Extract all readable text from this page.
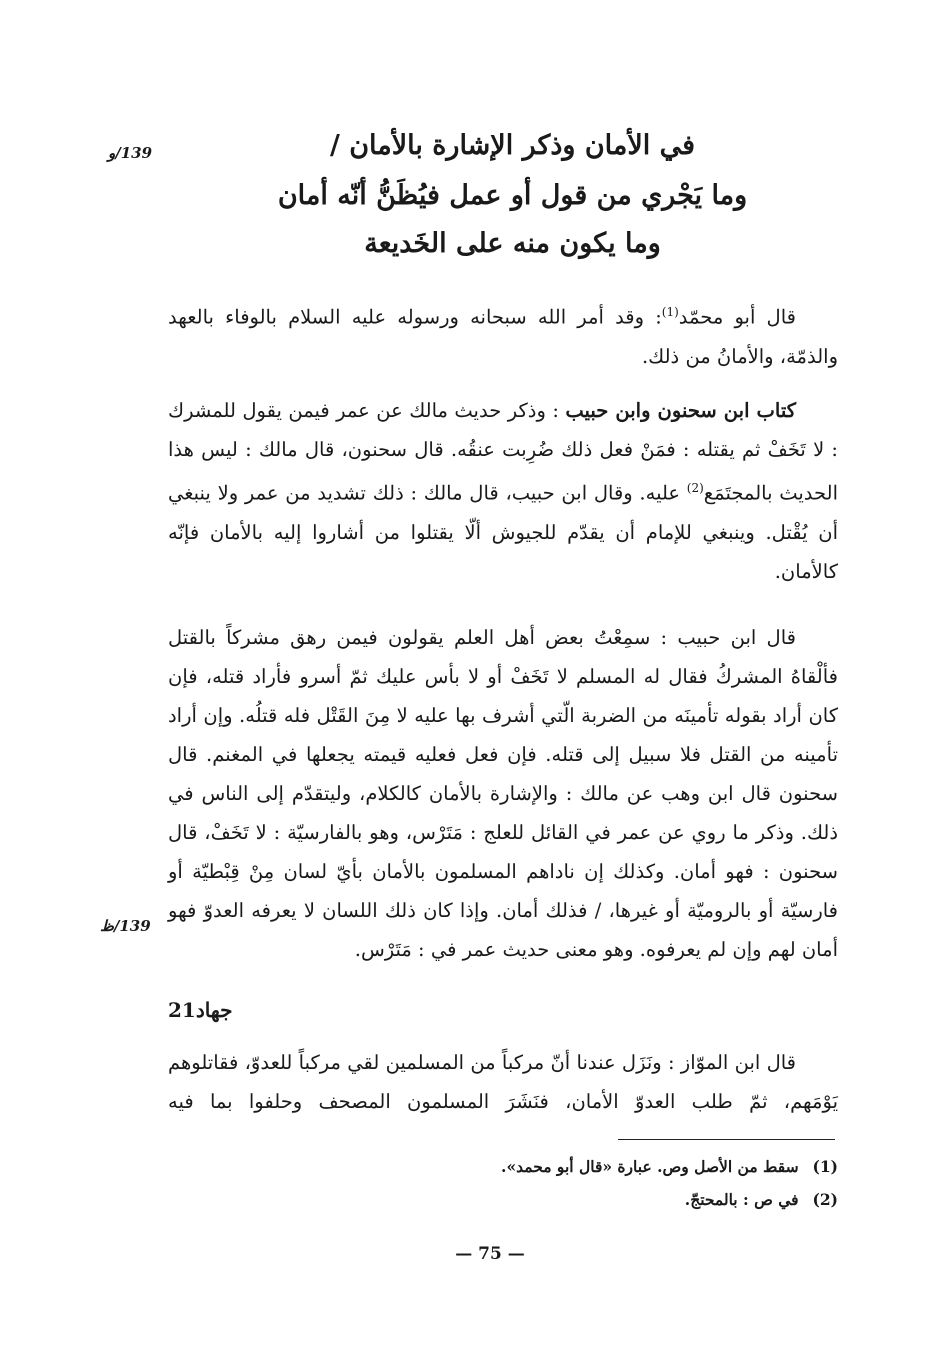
139/و
139/ظ
في الأمان وذكر الإشارة بالأمان /
وما يَجْري من قول أو عمل فيُظَنُّ أنّه أمان
وما يكون منه على الخَديعة

قال أبو محمّد$^{(1)}$: وقد أمر الله سبحانه ورسوله عليه السلام بالوفاء بالعهد والذمّة، والأمانُ من ذلك.

كتاب ابن سحنون وابن حبيب : وذكر حديث مالك عن عمر فيمن يقول للمشرك : لا تَخَفْ ثم يقتله : فمَنْ فعل ذلك ضُرِبت عنقُه. قال سحنون، قال مالك : ليس هذا الحديث بالمجتَمَع$^{(2)}$ عليه. وقال ابن حبيب، قال مالك : ذلك تشديد من عمر ولا ينبغي أن يُقْتل. وينبغي للإمام أن يقدّم للجيوش ألّا يقتلوا من أشاروا إليه بالأمان فإنّه كالأمان.

قال ابن حبيب : سمِعْتُ بعض أهل العلم يقولون فيمن رهق مشركاً بالقتل فألْقاهُ المشركُ فقال له المسلم لا تَخَفْ أو لا بأس عليك ثمّ أسرو فأراد قتله، فإن كان أراد بقوله تأمينَه من الضربة الّتي أشرف بها عليه لا مِنَ القَتْل فله قتلُه. وإن أراد تأمينه من القتل فلا سبيل إلى قتله. فإن فعل فعليه قيمته يجعلها في المغنم. قال سحنون قال ابن وهب عن مالك : والإشارة بالأمان كالكلام، وليتقدّم إلى الناس في ذلك. وذكر ما روي عن عمر في القائل للعلج : مَتَرْس، وهو بالفارسيّة : لا تَخَفْ، قال سحنون : فهو أمان. وكذلك إن ناداهم المسلمون بالأمان بأيّ لسان مِنْ قِبْطيّة أو فارسيّة أو بالروميّة أو غيرها، / فذلك أمان. وإذا كان ذلك اللسان لا يعرفه العدوّ فهو أمان لهم وإن لم يعرفوه. وهو معنى حديث عمر في : مَتَرْس.

جهاد21

قال ابن الموّاز : ونَزَل عندنا أنّ مركباً من المسلمين لقي مركباً للعدوّ، فقاتلوهم يَوْمَهم، ثمّ طلب العدوّ الأمان، فنَشَرَ المسلمون المصحف وحلفوا بما فيه

(1) سقط من الأصل وص. عبارة «قال أبو محمد».
(2) في ص : بالمحتجّ.
— 75 —
